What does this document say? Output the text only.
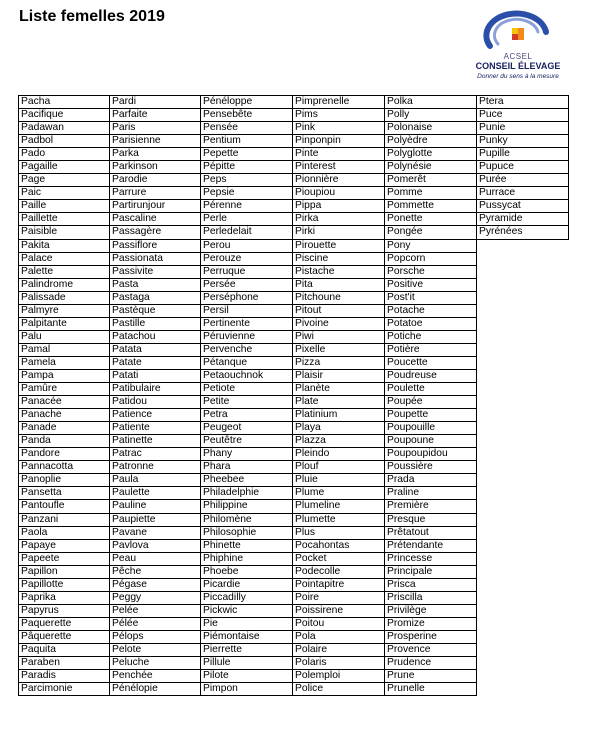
Liste femelles 2019
ACSEL
CONSEIL ÉLEVAGE
Donner du sens à la mesure
Pacha
Pacifique
Padawan
Padbol
Pado
Pagaille
Page
Paic
Paille
Paillette
Paisible
Pakita
Palace
Palette
Palindrome
Palissade
Palmyre
Palpitante
Palu
Pamal
Pamela
Pampa
Pamûre
Panacée
Panache
Panade
Panda
Pandore
Pannacotta
Panoplie
Pansetta
Pantoufle
Panzani
Paola
Papaye
Papeete
Papillon
Papillotte
Paprika
Papyrus
Paquerette
Pâquerette
Paquita
Paraben
Paradis
Parcimonie
Pardi
Parfaite
Paris
Parisienne
Parka
Parkinson
Parodie
Parrure
Partirunjour
Pascaline
Passagère
Passiflore
Passionata
Passivite
Pasta
Pastaga
Pastèque
Pastille
Patachou
Patata
Patate
Patati
Patibulaire
Patidou
Patience
Patiente
Patinette
Patrac
Patronne
Paula
Paulette
Pauline
Paupiette
Pavane
Pavlova
Peau
Pêche
Pégase
Peggy
Pelée
Pélée
Pélops
Pelote
Peluche
Penchée
Pénélopie
Pénéloppe
Pensebête
Pensée
Pentium
Pepette
Pépitte
Peps
Pepsie
Pérenne
Perle
Perledelait
Perou
Perouze
Perruque
Persée
Perséphone
Persil
Pertinente
Péruvienne
Pervenche
Pétanque
Petaouchnok
Petiote
Petite
Petra
Peugeot
Peutêtre
Phany
Phara
Pheebee
Philadelphie
Philippine
Philomène
Philosophie
Phinette
Phiphine
Phoebe
Picardie
Piccadilly
Pickwic
Pie
Piémontaise
Pierrette
Pillule
Pilote
Pimpon
Pimprenelle
Pims
Pink
Pinponpin
Pinte
Pinterest
Pionnière
Pioupiou
Pippa
Pirka
Pirki
Pirouette
Piscine
Pistache
Pita
Pitchoune
Pitout
Pivoine
Piwi
Pixelle
Pizza
Plaisir
Planète
Plate
Platinium
Playa
Plazza
Pleindo
Plouf
Pluie
Plume
Plumeline
Plumette
Plus
Pocahontas
Pocket
Podecolle
Pointapitre
Poire
Poissirene
Poitou
Pola
Polaire
Polaris
Polemploi
Police
Polka
Polly
Polonaise
Polyèdre
Polyglotte
Polynésie
Pomerêt
Pomme
Pommette
Ponette
Pongée
Pony
Popcorn
Porsche
Positive
Post'it
Potache
Potatoe
Potiche
Potière
Poucette
Poudreuse
Poulette
Poupée
Poupette
Poupouille
Poupoune
Poupoupidou
Poussière
Prada
Praline
Première
Presque
Prêtatout
Prétendante
Princesse
Principale
Prisca
Priscilla
Privilège
Promize
Prosperine
Provence
Prudence
Prune
Prunelle
Ptera
Puce
Punie
Punky
Pupille
Pupuce
Purée
Purrace
Pussycat
Pyramide
Pyrénées
